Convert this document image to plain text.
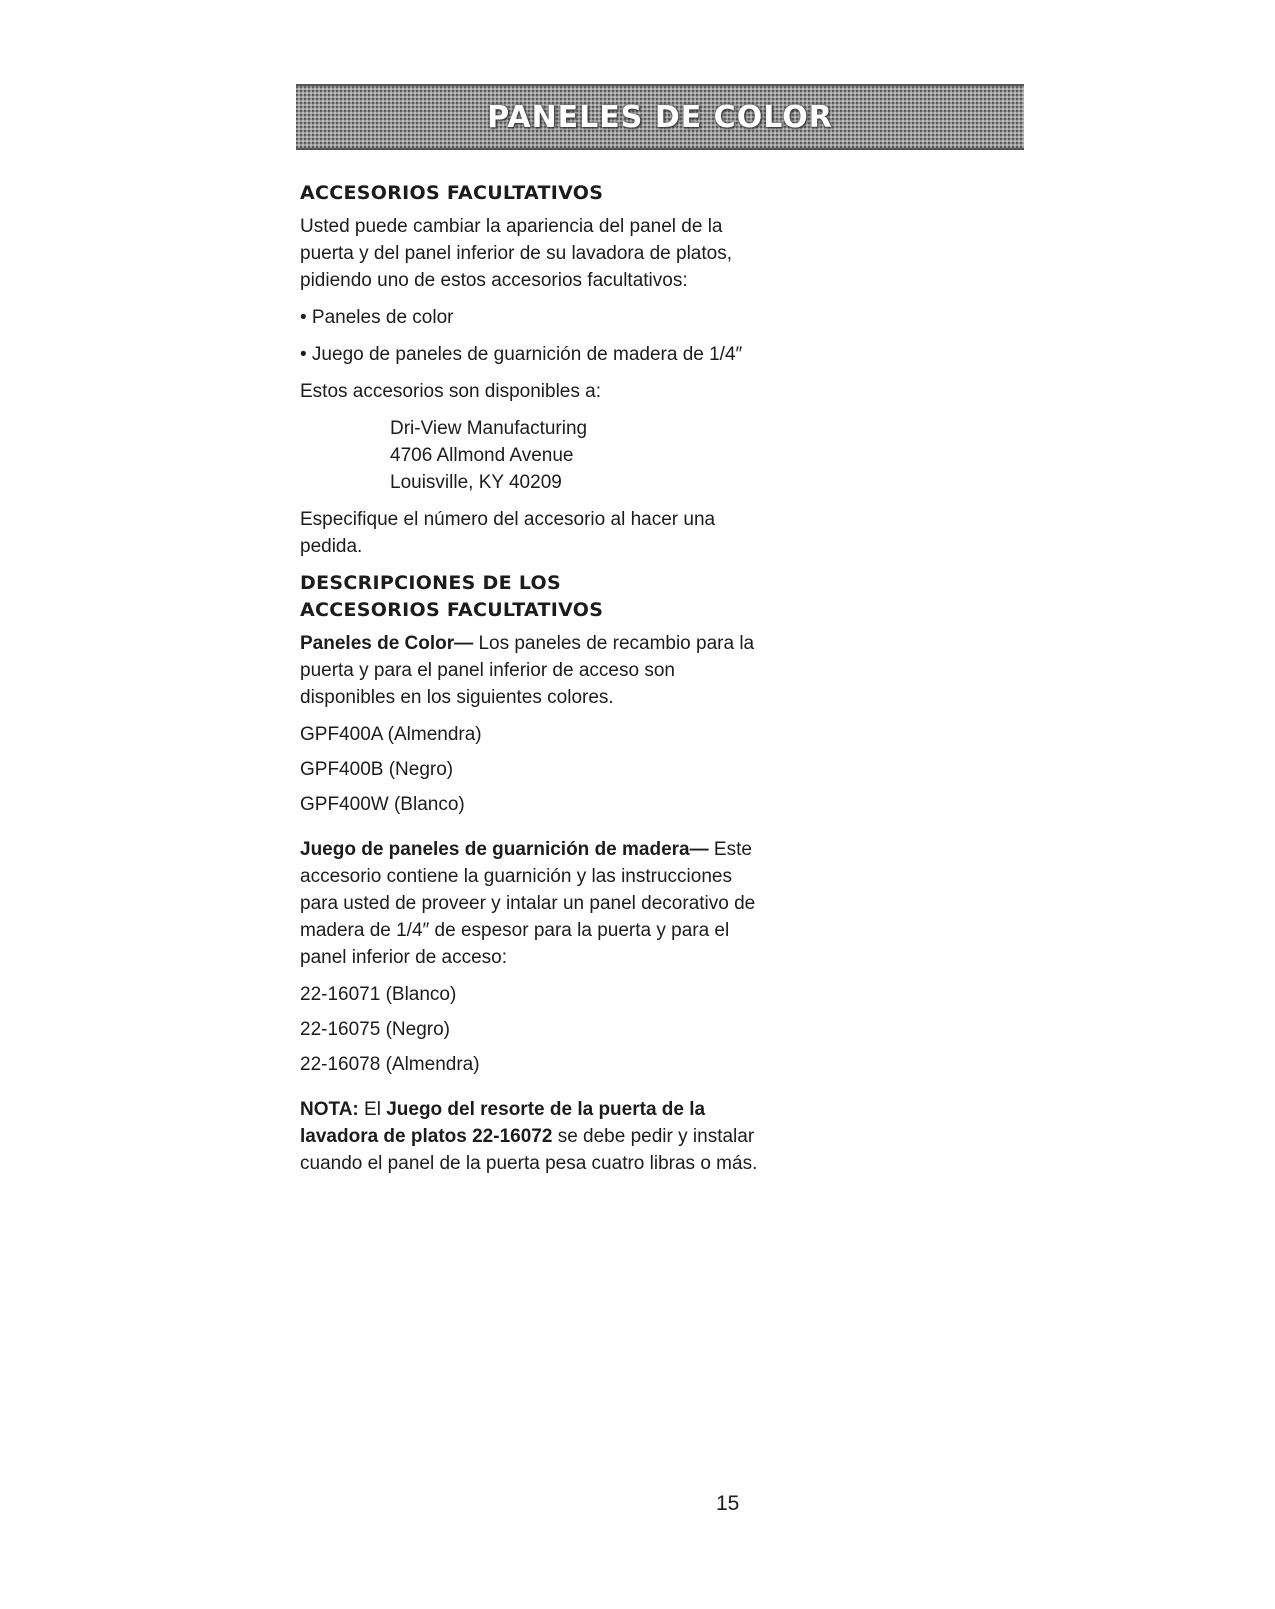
PANELES DE COLOR
ACCESORIOS FACULTATIVOS

Usted puede cambiar la apariencia del panel de la puerta y del panel inferior de su lavadora de platos, pidiendo uno de estos accesorios facultativos:

• Paneles de color
• Juego de paneles de guarnición de madera de 1/4″

Estos accesorios son disponibles a:

Dri-View Manufacturing
4706 Allmond Avenue
Louisville, KY 40209

Especifique el número del accesorio al hacer una pedida.

DESCRIPCIONES DE LOS
ACCESORIOS FACULTATIVOS

Paneles de Color— Los paneles de recambio para la puerta y para el panel inferior de acceso son disponibles en los siguientes colores.

GPF400A (Almendra)
GPF400B (Negro)
GPF400W (Blanco)

Juego de paneles de guarnición de madera— Este accesorio contiene la guarnición y las instrucciones para usted de proveer y intalar un panel decorativo de madera de 1/4″ de espesor para la puerta y para el panel inferior de acceso:

22-16071 (Blanco)
22-16075 (Negro)
22-16078 (Almendra)

NOTA: El Juego del resorte de la puerta de la lavadora de platos 22-16072 se debe pedir y instalar cuando el panel de la puerta pesa cuatro libras o más.

15
